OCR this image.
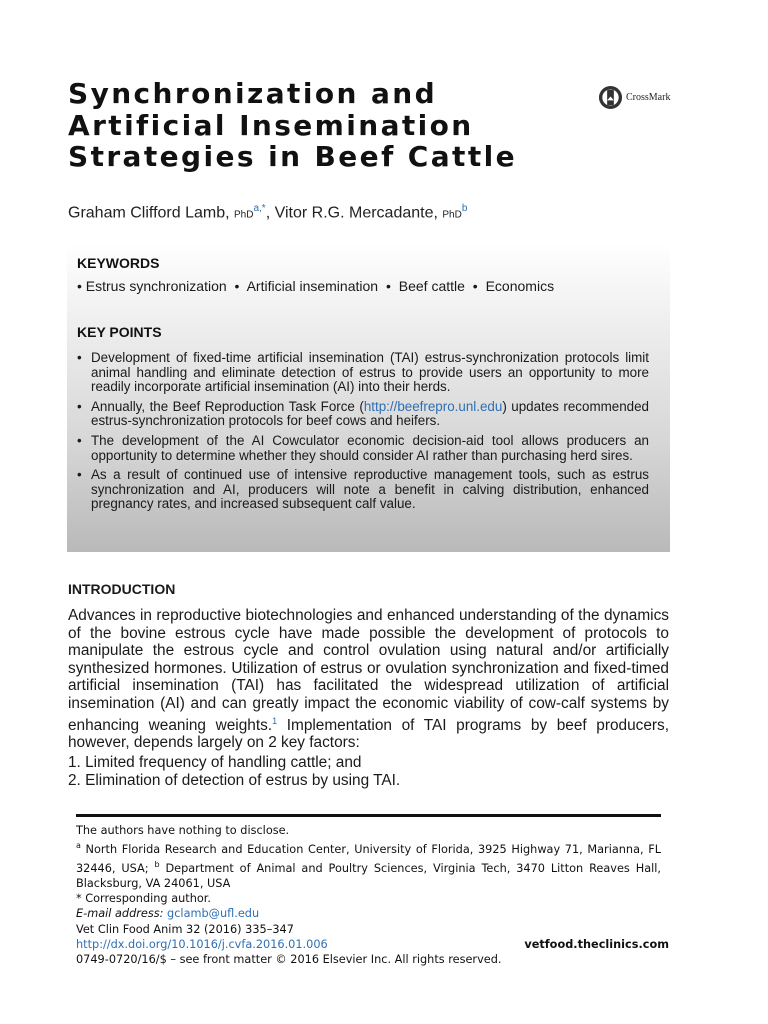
Synchronization and
Artificial Insemination
Strategies in Beef Cattle
CrossMark
Graham Clifford Lamb, PhD$^{a,*}$, Vitor R.G. Mercadante, PhD$^b$
KEYWORDS
• Estrus synchronization • Artificial insemination • Beef cattle • Economics
KEY POINTS
• Development of fixed-time artificial insemination (TAI) estrus-synchronization protocols limit animal handling and eliminate detection of estrus to provide users an opportunity to more readily incorporate artificial insemination (AI) into their herds.
• Annually, the Beef Reproduction Task Force (http://beefrepro.unl.edu) updates recommended estrus-synchronization protocols for beef cows and heifers.
• The development of the AI Cowculator economic decision-aid tool allows producers an opportunity to determine whether they should consider AI rather than purchasing herd sires.
• As a result of continued use of intensive reproductive management tools, such as estrus synchronization and AI, producers will note a benefit in calving distribution, enhanced pregnancy rates, and increased subsequent calf value.
INTRODUCTION

Advances in reproductive biotechnologies and enhanced understanding of the dynamics of the bovine estrous cycle have made possible the development of protocols to manipulate the estrous cycle and control ovulation using natural and/or artificially synthesized hormones. Utilization of estrus or ovulation synchronization and fixed-timed artificial insemination (TAI) has facilitated the widespread utilization of artificial insemination (AI) and can greatly impact the economic viability of cow-calf systems by enhancing weaning weights.$^1$ Implementation of TAI programs by beef producers, however, depends largely on 2 key factors:

1. Limited frequency of handling cattle; and
2. Elimination of detection of estrus by using TAI.

The authors have nothing to disclose.

$^a$ North Florida Research and Education Center, University of Florida, 3925 Highway 71, Marianna, FL 32446, USA; $^b$ Department of Animal and Poultry Sciences, Virginia Tech, 3470 Litton Reaves Hall, Blacksburg, VA 24061, USA

* Corresponding author.

E-mail address: gclamb@ufl.edu

Vet Clin Food Anim 32 (2016) 335–347
http://dx.doi.org/10.1016/j.cvfa.2016.01.006	vetfood.theclinics.com
0749-0720/16/$ – see front matter © 2016 Elsevier Inc. All rights reserved.
